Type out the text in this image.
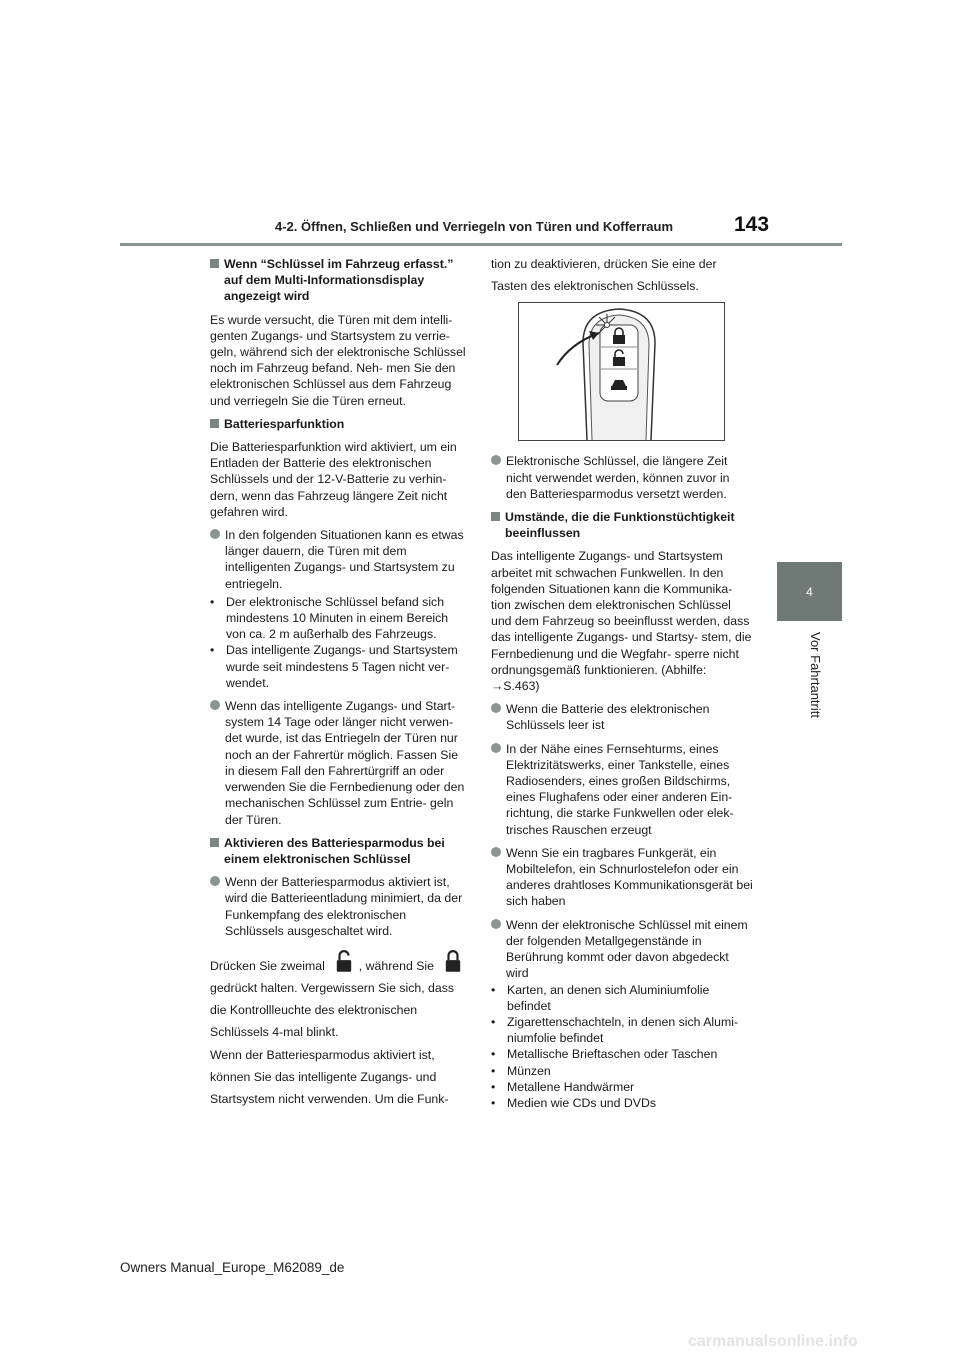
4-2. Öffnen, Schließen und Verriegeln von Türen und Kofferraum	143
4
Vor Fahrtantritt
Wenn “Schlüssel im Fahrzeug erfasst.” auf dem Multi-Informationsdisplay angezeigt wird

Es wurde versucht, die Türen mit dem intelli- genten Zugangs- und Startsystem zu verrie- geln, während sich der elektronische Schlüssel noch im Fahrzeug befand. Neh- men Sie den elektronischen Schlüssel aus dem Fahrzeug und verriegeln Sie die Türen erneut.

Batteriesparfunktion

Die Batteriesparfunktion wird aktiviert, um ein Entladen der Batterie des elektronischen Schlüssels und der 12-V-Batterie zu verhin- dern, wenn das Fahrzeug längere Zeit nicht gefahren wird.

In den folgenden Situationen kann es etwas länger dauern, die Türen mit dem intelligenten Zugangs- und Startsystem zu entriegeln.
• Der elektronische Schlüssel befand sich mindestens 10 Minuten in einem Bereich von ca. 2 m außerhalb des Fahrzeugs.
• Das intelligente Zugangs- und Startsystem wurde seit mindestens 5 Tagen nicht ver- wendet.
Wenn das intelligente Zugangs- und Start- system 14 Tage oder länger nicht verwen- det wurde, ist das Entriegeln der Türen nur noch an der Fahrertür möglich. Fassen Sie in diesem Fall den Fahrertürgriff an oder verwenden Sie die Fernbedienung oder den mechanischen Schlüssel zum Entrie- geln der Türen.
Aktivieren des Batteriesparmodus bei einem elektronischen Schlüssel
Wenn der Batteriesparmodus aktiviert ist, wird die Batterieentladung minimiert, da der Funkempfang des elektronischen Schlüssels ausgeschaltet wird.
Drücken Sie zweimal	, während Sie
gedrückt halten. Vergewissern Sie sich, dass
die Kontrollleuchte des elektronischen
Schlüssels 4-mal blinkt.
Wenn der Batteriesparmodus aktiviert ist,
können Sie das intelligente Zugangs- und
Startsystem nicht verwenden. Um die Funk-
tion zu deaktivieren, drücken Sie eine der
Tasten des elektronischen Schlüssels.
Elektronische Schlüssel, die längere Zeit nicht verwendet werden, können zuvor in den Batteriesparmodus versetzt werden.
Umstände, die die Funktionstüchtigkeit beeinflussen

Das intelligente Zugangs- und Startsystem arbeitet mit schwachen Funkwellen. In den folgenden Situationen kann die Kommunika- tion zwischen dem elektronischen Schlüssel und dem Fahrzeug so beeinflusst werden, dass das intelligente Zugangs- und Startsy- stem, die Fernbedienung und die Wegfahr- sperre nicht ordnungsgemäß funktionieren. (Abhilfe: →S.463)

Wenn die Batterie des elektronischen Schlüssels leer ist
In der Nähe eines Fernsehturms, eines Elektrizitätswerks, einer Tankstelle, eines Radiosenders, eines großen Bildschirms, eines Flughafens oder einer anderen Ein- richtung, die starke Funkwellen oder elek- trisches Rauschen erzeugt
Wenn Sie ein tragbares Funkgerät, ein Mobiltelefon, ein Schnurlostelefon oder ein anderes drahtloses Kommunikationsgerät bei sich haben
Wenn der elektronische Schlüssel mit einem der folgenden Metallgegenstände in Berührung kommt oder davon abgedeckt wird
• Karten, an denen sich Aluminiumfolie befindet
• Zigarettenschachteln, in denen sich Alumi- niumfolie befindet
• Metallische Brieftaschen oder Taschen
• Münzen
• Metallene Handwärmer
• Medien wie CDs und DVDs
Owners Manual_Europe_M62089_de
carmanualsonline.info
